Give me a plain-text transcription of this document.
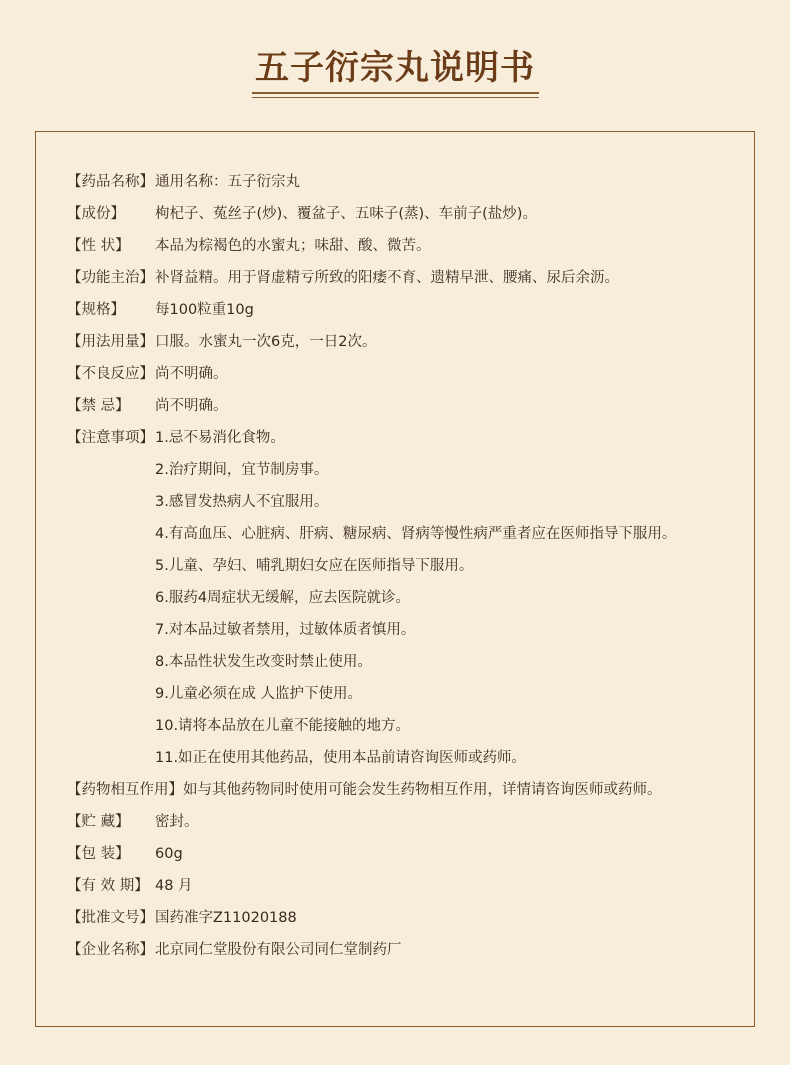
五子衍宗丸说明书
【药品名称】通用名称：五子衍宗丸
【成份】 枸杞子、菟丝子(炒)、覆盆子、五味子(蒸)、车前子(盐炒)。
【性 状】 本品为棕褐色的水蜜丸；味甜、酸、微苦。
【功能主治】补肾益精。用于肾虚精亏所致的阳痿不育、遗精早泄、腰痛、尿后余沥。
【规格】 每100粒重10g
【用法用量】口服。水蜜丸一次6克，一日2次。
【不良反应】尚不明确。
【禁 忌】 尚不明确。
【注意事项】1.忌不易消化食物。
2.治疗期间，宜节制房事。
3.感冒发热病人不宜服用。
4.有高血压、心脏病、肝病、糖尿病、肾病等慢性病严重者应在医师指导下服用。
5.儿童、孕妇、哺乳期妇女应在医师指导下服用。
6.服药4周症状无缓解，应去医院就诊。
7.对本品过敏者禁用，过敏体质者慎用。
8.本品性状发生改变时禁止使用。
9.儿童必须在成 人监护下使用。
10.请将本品放在儿童不能接触的地方。
11.如正在使用其他药品，使用本品前请咨询医师或药师。
【药物相互作用】如与其他药物同时使用可能会发生药物相互作用，详情请咨询医师或药师。
【贮 藏】 密封。
【包 装】 60g
【有 效 期】 48 月
【批准文号】国药准字Z11020188
【企业名称】北京同仁堂股份有限公司同仁堂制药厂
